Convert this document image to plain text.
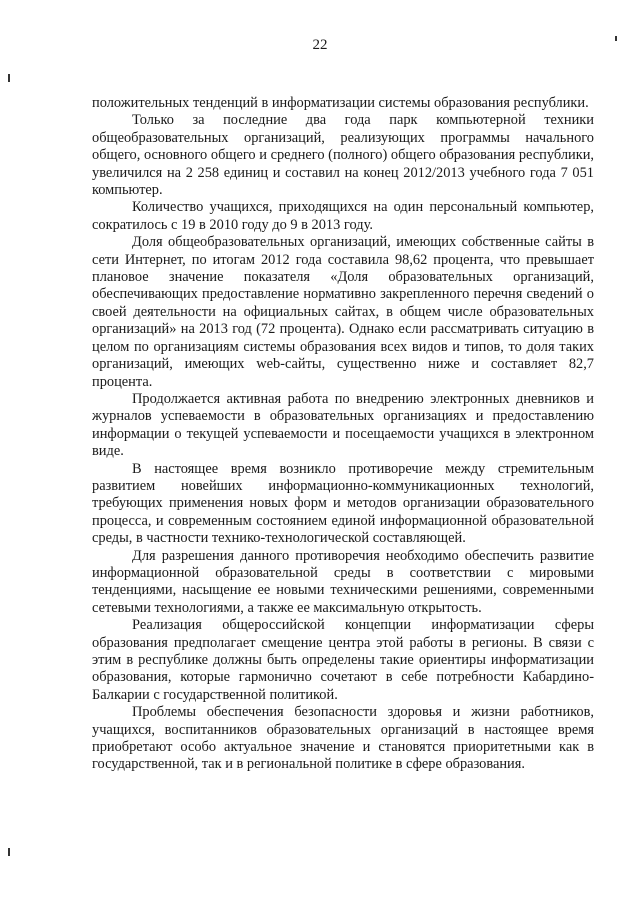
22

положительных тенденций в информатизации системы образования республики.

Только за последние два года парк компьютерной техники общеобразовательных организаций, реализующих программы начального общего, основного общего и среднего (полного) общего образования республики, увеличился на 2 258 единиц и составил на конец 2012/2013 учебного года 7 051 компьютер.

Количество учащихся, приходящихся на один персональный компьютер, сократилось с 19 в 2010 году до 9 в 2013 году.

Доля общеобразовательных организаций, имеющих собственные сайты в сети Интернет, по итогам 2012 года составила 98,62 процента, что превышает плановое значение показателя «Доля образовательных организаций, обеспечивающих предоставление нормативно закрепленного перечня сведений о своей деятельности на официальных сайтах, в общем числе образовательных организаций» на 2013 год (72 процента). Однако если рассматривать ситуацию в целом по организациям системы образования всех видов и типов, то доля таких организаций, имеющих web-сайты, существенно ниже и составляет 82,7 процента.

Продолжается активная работа по внедрению электронных дневников и журналов успеваемости в образовательных организациях и предоставлению информации о текущей успеваемости и посещаемости учащихся в электронном виде.

В настоящее время возникло противоречие между стремительным развитием новейших информационно-коммуникационных технологий, требующих применения новых форм и методов организации образовательного процесса, и современным состоянием единой информационной образовательной среды, в частности технико-технологической составляющей.

Для разрешения данного противоречия необходимо обеспечить развитие информационной образовательной среды в соответствии с мировыми тенденциями, насыщение ее новыми техническими решениями, современными сетевыми технологиями, а также ее максимальную открытость.

Реализация общероссийской концепции информатизации сферы образования предполагает смещение центра этой работы в регионы. В связи с этим в республике должны быть определены такие ориентиры информатизации образования, которые гармонично сочетают в себе потребности Кабардино-Балкарии с государственной политикой.

Проблемы обеспечения безопасности здоровья и жизни работников, учащихся, воспитанников образовательных организаций в настоящее время приобретают особо актуальное значение и становятся приоритетными как в государственной, так и в региональной политике в сфере образования.
